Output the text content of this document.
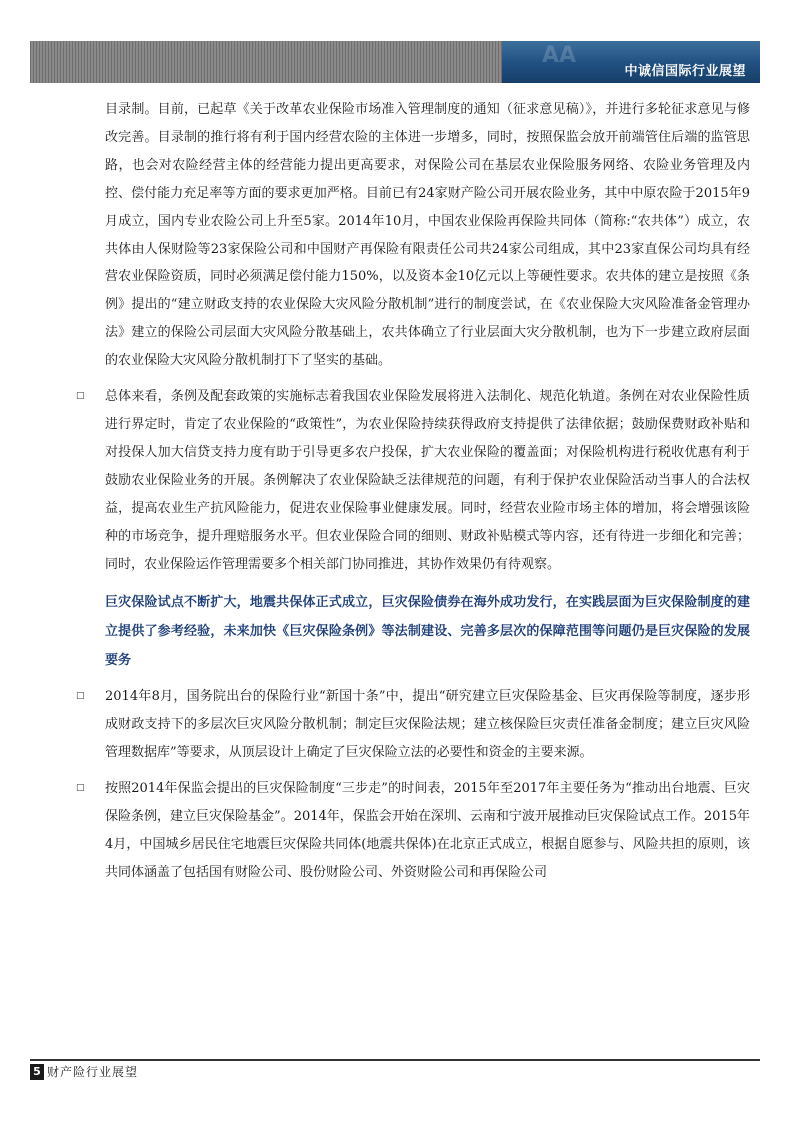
AA
中诚信国际行业展望

目录制。目前，已起草《关于改革农业保险市场准入管理制度的通知（征求意见稿）》，并进行多轮征求意见与修改完善。目录制的推行将有利于国内经营农险的主体进一步增多，同时，按照保监会放开前端管住后端的监管思路，也会对农险经营主体的经营能力提出更高要求，对保险公司在基层农业保险服务网络、农险业务管理及内控、偿付能力充足率等方面的要求更加严格。目前已有24家财产险公司开展农险业务，其中中原农险于2015年9月成立，国内专业农险公司上升至5家。2014年10月，中国农业保险再保险共同体（简称:“农共体”）成立，农共体由人保财险等23家保险公司和中国财产再保险有限责任公司共24家公司组成，其中23家直保公司均具有经营农业保险资质，同时必须满足偿付能力150%，以及资本金10亿元以上等硬性要求。农共体的建立是按照《条例》提出的“建立财政支持的农业保险大灾风险分散机制”进行的制度尝试，在《农业保险大灾风险准备金管理办法》建立的保险公司层面大灾风险分散基础上，农共体确立了行业层面大灾分散机制，也为下一步建立政府层面的农业保险大灾风险分散机制打下了坚实的基础。

□ 总体来看，条例及配套政策的实施标志着我国农业保险发展将进入法制化、规范化轨道。条例在对农业保险性质进行界定时，肯定了农业保险的“政策性”，为农业保险持续获得政府支持提供了法律依据；鼓励保费财政补贴和对投保人加大信贷支持力度有助于引导更多农户投保，扩大农业保险的覆盖面；对保险机构进行税收优惠有利于鼓励农业保险业务的开展。条例解决了农业保险缺乏法律规范的问题，有利于保护农业保险活动当事人的合法权益，提高农业生产抗风险能力，促进农业保险事业健康发展。同时，经营农业险市场主体的增加，将会增强该险种的市场竞争，提升理赔服务水平。但农业保险合同的细则、财政补贴模式等内容，还有待进一步细化和完善；同时，农业保险运作管理需要多个相关部门协同推进，其协作效果仍有待观察。
巨灾保险试点不断扩大，地震共保体正式成立，巨灾保险债券在海外成功发行，在实践层面为巨灾保险制度的建立提供了参考经验，未来加快《巨灾保险条例》等法制建设、完善多层次的保障范围等问题仍是巨灾保险的发展要务
□ 2014年8月，国务院出台的保险行业“新国十条”中，提出“研究建立巨灾保险基金、巨灾再保险等制度，逐步形成财政支持下的多层次巨灾风险分散机制；制定巨灾保险法规；建立核保险巨灾责任准备金制度；建立巨灾风险管理数据库”等要求，从顶层设计上确定了巨灾保险立法的必要性和资金的主要来源。
□ 按照2014年保监会提出的巨灾保险制度“三步走”的时间表，2015年至2017年主要任务为“推动出台地震、巨灾保险条例，建立巨灾保险基金”。2014年，保监会开始在深圳、云南和宁波开展推动巨灾保险试点工作。2015年4月，中国城乡居民住宅地震巨灾保险共同体(地震共保体)在北京正式成立，根据自愿参与、风险共担的原则，该共同体涵盖了包括国有财险公司、股份财险公司、外资财险公司和再保险公司
5 财产险行业展望
